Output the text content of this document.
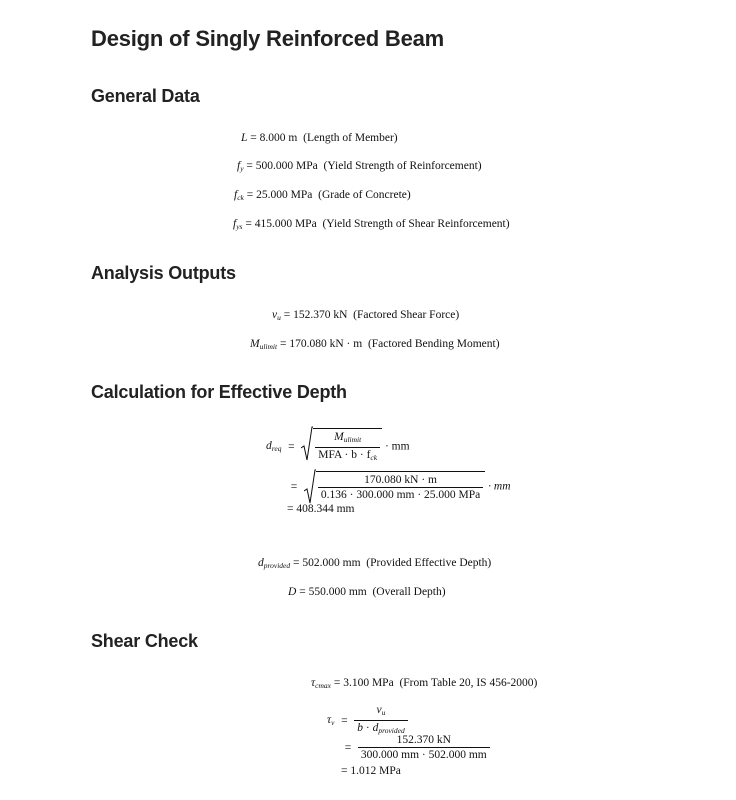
Design of Singly Reinforced Beam
General Data
L = 8.000 m (Length of Member)
$f_y = 500.000$ MPa (Yield Strength of Reinforcement)
$f_{ck} = 25.000$ MPa (Grade of Concrete)
$f_{ys} = 415.000$ MPa (Yield Strength of Shear Reinforcement)
Analysis Outputs
$\nu_u = 152.370$ kN (Factored Shear Force)
$M_{ulimit} = 170.080$ kN · m (Factored Bending Moment)
Calculation for Effective Depth
$d_{req} = \frac{M_{ulimit}}{MFA \cdot b \cdot f_{ck}}$ · mm
= $\frac{170.080 kN \cdot m}{\text{0.136 · 300.000 mm · 25.000 MPa}}$ · mm
= 408.344 mm
$d_{provided} = 502.000$ mm (Provided Effective Depth)
D = 550.000 mm (Overall Depth)
Shear Check
$\tau_{cmax} = 3.100$ MPa (From Table 20, IS 456-2000)
$\tau_v = \frac{\nu_u}{b \cdot d_{provided}}$
= $\frac{152.370 kN}{300.000 mm \cdot 502.000 mm}$
= 1.012 MPa
